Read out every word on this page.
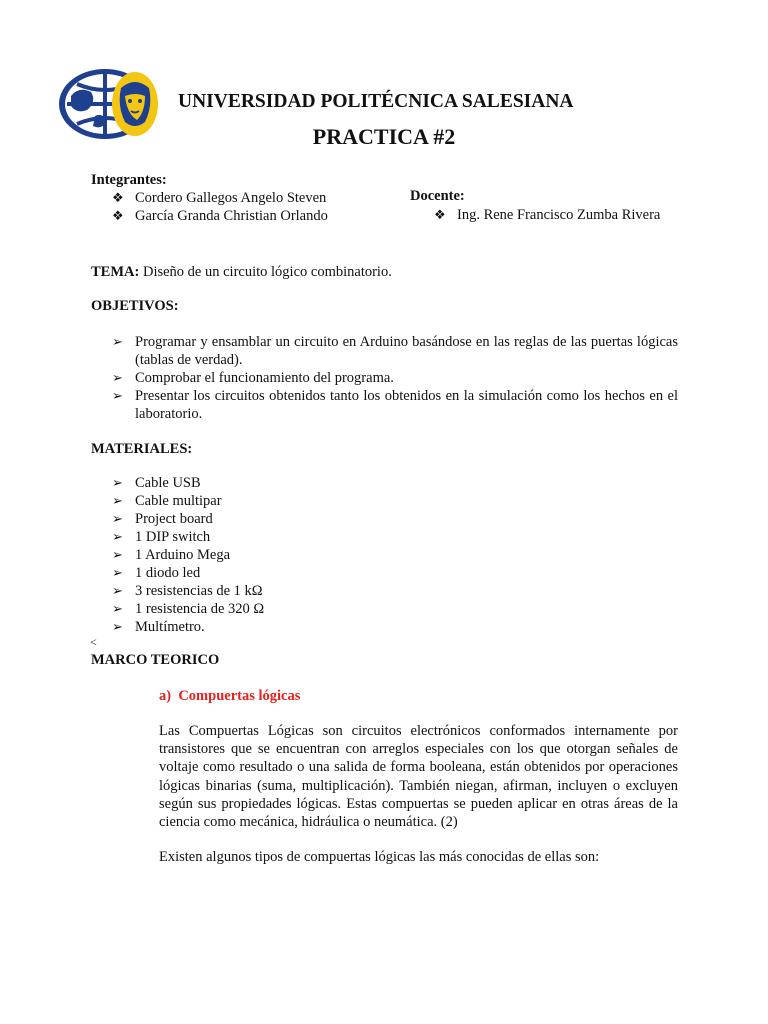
UNIVERSIDAD POLITÉCNICA SALESIANA
PRACTICA #2
Integrantes:
❖ Cordero Gallegos Angelo Steven
❖ García Granda Christian Orlando
Docente:
❖ Ing. Rene Francisco Zumba Rivera
TEMA: Diseño de un circuito lógico combinatorio.
OBJETIVOS:
➢ Programar y ensamblar un circuito en Arduino basándose en las reglas de las puertas lógicas (tablas de verdad).
➢ Comprobar el funcionamiento del programa.
➢ Presentar los circuitos obtenidos tanto los obtenidos en la simulación como los hechos en el laboratorio.
MATERIALES:
➢ Cable USB
➢ Cable multipar
➢ Project board
➢ 1 DIP switch
➢ 1 Arduino Mega
➢ 1 diodo led
➢ 3 resistencias de 1 kΩ
➢ 1 resistencia de 320 Ω
➢ Multímetro.
<
MARCO TEORICO
a)  Compuertas lógicas
Las Compuertas Lógicas son circuitos electrónicos conformados internamente por transistores que se encuentran con arreglos especiales con los que otorgan señales de voltaje como resultado o una salida de forma booleana, están obtenidos por operaciones lógicas binarias (suma, multiplicación). También niegan, afirman, incluyen o excluyen según sus propiedades lógicas. Estas compuertas se pueden aplicar en otras áreas de la ciencia como mecánica, hidráulica o neumática. (2)
Existen algunos tipos de compuertas lógicas las más conocidas de ellas son:
